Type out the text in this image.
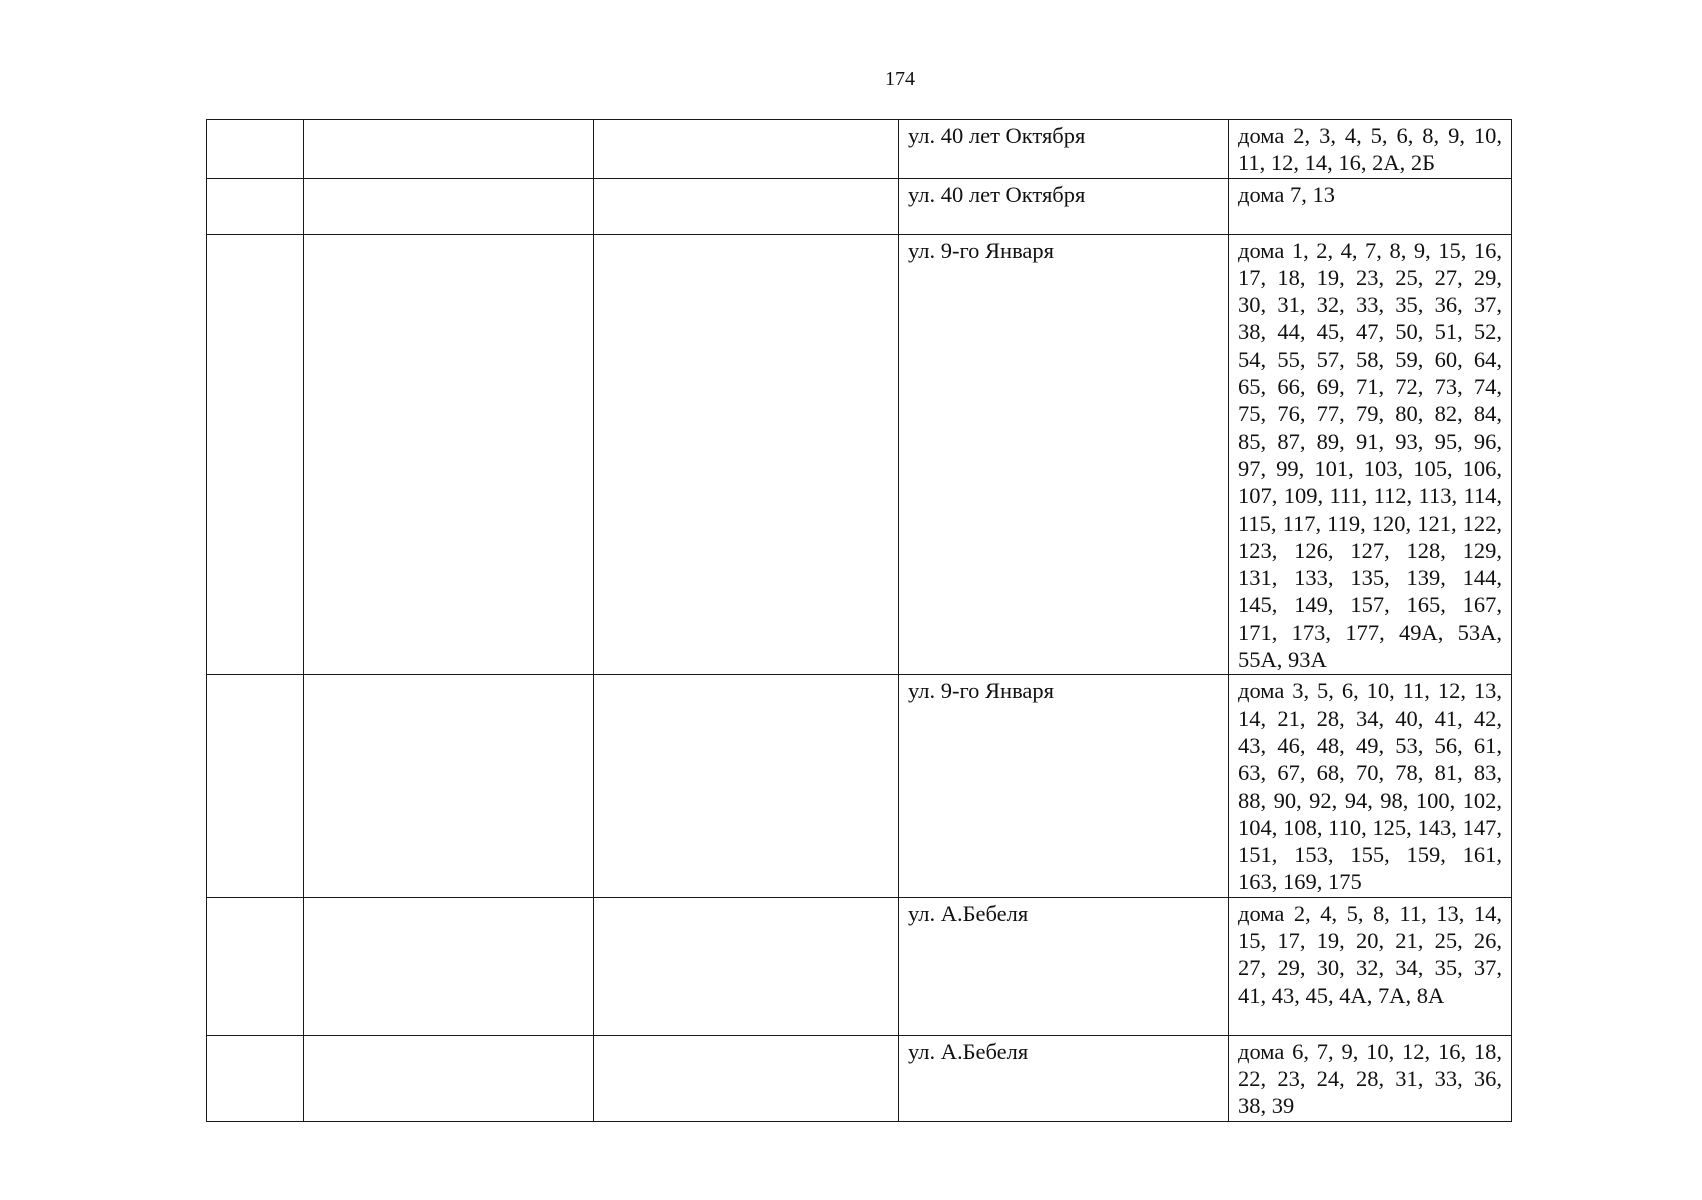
174
			ул. 40 лет Октября	дома 2, 3, 4, 5, 6, 8, 9, 10, 11, 12, 14, 16, 2А, 2Б

			ул. 40 лет Октября	дома 7, 13

			ул. 9-го Января	дома 1, 2, 4, 7, 8, 9, 15, 16, 17, 18, 19, 23, 25, 27, 29, 30, 31, 32, 33, 35, 36, 37, 38, 44, 45, 47, 50, 51, 52, 54, 55, 57, 58, 59, 60, 64, 65, 66, 69, 71, 72, 73, 74, 75, 76, 77, 79, 80, 82, 84, 85, 87, 89, 91, 93, 95, 96, 97, 99, 101, 103, 105, 106, 107, 109, 111, 112, 113, 114, 115, 117, 119, 120, 121, 122, 123, 126, 127, 128, 129, 131, 133, 135, 139, 144, 145, 149, 157, 165, 167, 171, 173, 177, 49А, 53А, 55А, 93А

			ул. 9-го Января	дома 3, 5, 6, 10, 11, 12, 13, 14, 21, 28, 34, 40, 41, 42, 43, 46, 48, 49, 53, 56, 61, 63, 67, 68, 70, 78, 81, 83, 88, 90, 92, 94, 98, 100, 102, 104, 108, 110, 125, 143, 147, 151, 153, 155, 159, 161, 163, 169, 175

			ул. А.Бебеля	дома 2, 4, 5, 8, 11, 13, 14, 15, 17, 19, 20, 21, 25, 26, 27, 29, 30, 32, 34, 35, 37, 41, 43, 45, 4А, 7А, 8А

			ул. А.Бебеля	дома 6, 7, 9, 10, 12, 16, 18, 22, 23, 24, 28, 31, 33, 36, 38, 39
